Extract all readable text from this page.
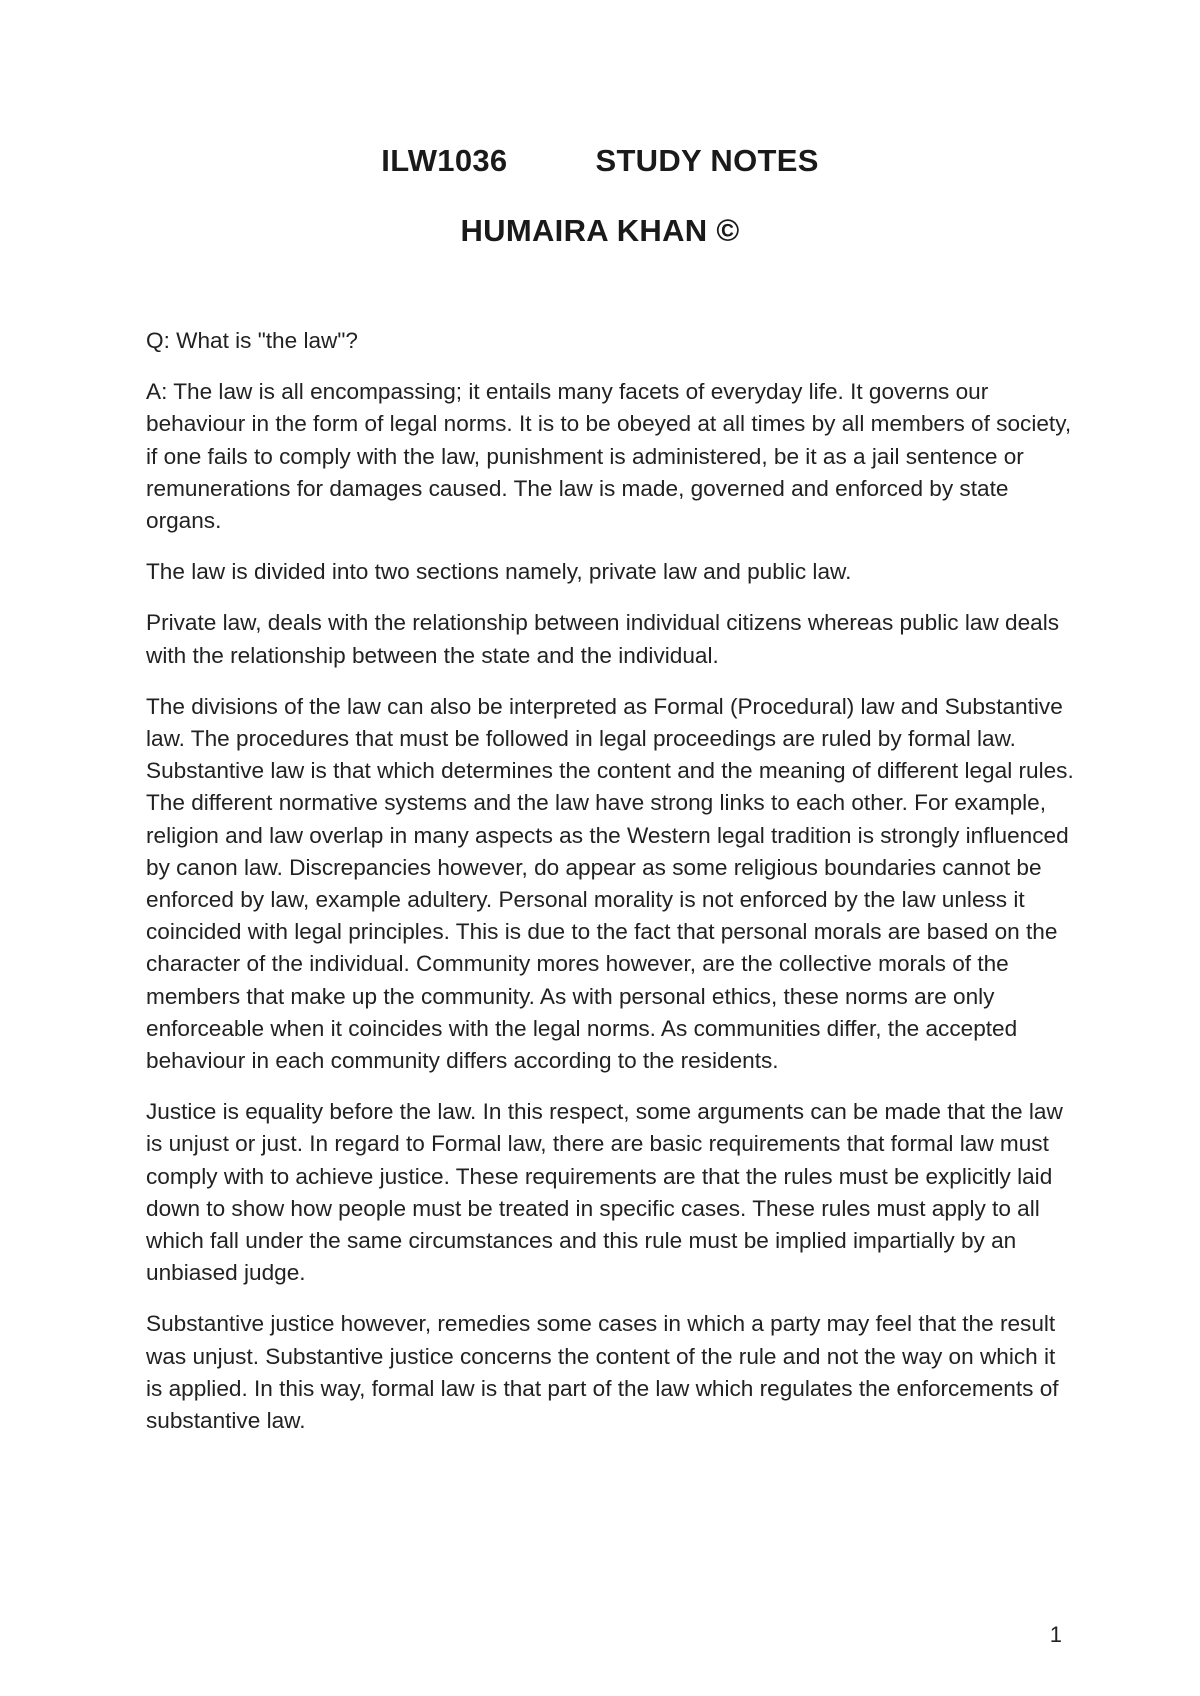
ILW1036	STUDY NOTES
HUMAIRA KHAN ©

Q: What is "the law"?

A: The law is all encompassing; it entails many facets of everyday life. It governs our behaviour in the form of legal norms. It is to be obeyed at all times by all members of society, if one fails to comply with the law, punishment is administered, be it as a jail sentence or remunerations for damages caused. The law is made, governed and enforced by state organs.

The law is divided into two sections namely, private law and public law.

Private law, deals with the relationship between individual citizens whereas public law deals with the relationship between the state and the individual.

The divisions of the law can also be interpreted as Formal (Procedural) law and Substantive law. The procedures that must be followed in legal proceedings are ruled by formal law. Substantive law is that which determines the content and the meaning of different legal rules. The different normative systems and the law have strong links to each other. For example, religion and law overlap in many aspects as the Western legal tradition is strongly influenced by canon law. Discrepancies however, do appear as some religious boundaries cannot be enforced by law, example adultery. Personal morality is not enforced by the law unless it coincided with legal principles. This is due to the fact that personal morals are based on the character of the individual. Community mores however, are the collective morals of the members that make up the community. As with personal ethics, these norms are only enforceable when it coincides with the legal norms. As communities differ, the accepted behaviour in each community differs according to the residents.

Justice is equality before the law. In this respect, some arguments can be made that the law is unjust or just. In regard to Formal law, there are basic requirements that formal law must comply with to achieve justice. These requirements are that the rules must be explicitly laid down to show how people must be treated in specific cases. These rules must apply to all which fall under the same circumstances and this rule must be implied impartially by an unbiased judge.

Substantive justice however, remedies some cases in which a party may feel that the result was unjust. Substantive justice concerns the content of the rule and not the way on which it is applied. In this way, formal law is that part of the law which regulates the enforcements of substantive law.

1
